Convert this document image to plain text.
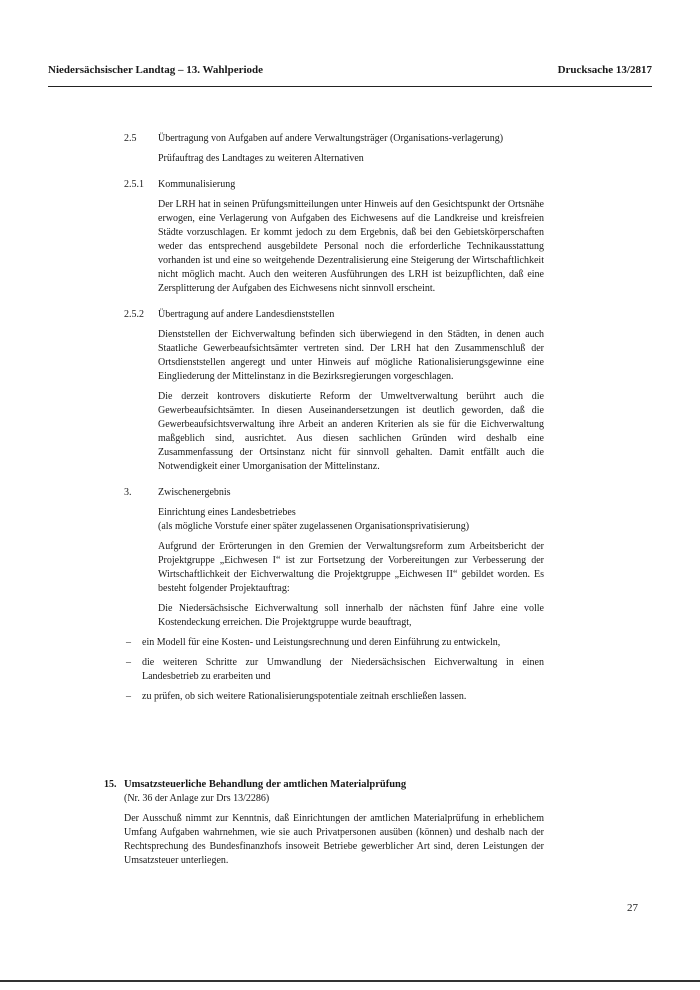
Niedersächsischer Landtag – 13. Wahlperiode	Drucksache 13/2817
2.5 Übertragung von Aufgaben auf andere Verwaltungsträger (Organisations-verlagerung)

Prüfauftrag des Landtages zu weiteren Alternativen

2.5.1 Kommunalisierung

Der LRH hat in seinen Prüfungsmitteilungen unter Hinweis auf den Gesichtspunkt der Ortsnähe erwogen, eine Verlagerung von Aufgaben des Eichwesens auf die Landkreise und kreisfreien Städte vorzuschlagen. Er kommt jedoch zu dem Ergebnis, daß bei den Gebietskörperschaften weder das entsprechend ausgebildete Personal noch die erforderliche Technikausstattung vorhanden ist und eine so weitgehende Dezentralisierung eine Steigerung der Wirtschaftlichkeit nicht möglich macht. Auch den weiteren Ausführungen des LRH ist beizupflichten, daß eine Zersplitterung der Aufgaben des Eichwesens nicht sinnvoll erscheint.

2.5.2 Übertragung auf andere Landesdienststellen

Dienststellen der Eichverwaltung befinden sich überwiegend in den Städten, in denen auch Staatliche Gewerbeaufsichtsämter vertreten sind. Der LRH hat den Zusammenschluß der Ortsdienststellen angeregt und unter Hinweis auf mögliche Rationalisierungsgewinne eine Eingliederung der Mittelinstanz in die Bezirksregierungen vorgeschlagen.

Die derzeit kontrovers diskutierte Reform der Umweltverwaltung berührt auch die Gewerbeaufsichtsämter. In diesen Auseinandersetzungen ist deutlich geworden, daß die Gewerbeaufsichtsverwaltung ihre Arbeit an anderen Kriterien als sie für die Eichverwaltung maßgeblich sind, ausrichtet. Aus diesen sachlichen Gründen wird deshalb eine Zusammenfassung der Ortsinstanz nicht für sinnvoll gehalten. Damit entfällt auch die Notwendigkeit einer Umorganisation der Mittelinstanz.

3.	Zwischenergebnis
Einrichtung eines Landesbetriebes
(als mögliche Vorstufe einer später zugelassenen Organisationsprivatisierung)

Aufgrund der Erörterungen in den Gremien der Verwaltungsreform zum Arbeitsbericht der Projektgruppe „Eichwesen I“ ist zur Fortsetzung der Vorbereitungen zur Verbesserung der Wirtschaftlichkeit der Eichverwaltung die Projektgruppe „Eichwesen II“ gebildet worden. Es besteht folgender Projektauftrag:

Die Niedersächsische Eichverwaltung soll innerhalb der nächsten fünf Jahre eine volle Kostendeckung erreichen. Die Projektgruppe wurde beauftragt,

– ein Modell für eine Kosten- und Leistungsrechnung und deren Einführung zu entwickeln,
– die weiteren Schritte zur Umwandlung der Niedersächsischen Eichverwaltung in einen Landesbetrieb zu erarbeiten und
– zu prüfen, ob sich weitere Rationalisierungspotentiale zeitnah erschließen lassen.
15. Umsatzsteuerliche Behandlung der amtlichen Materialprüfung
(Nr. 36 der Anlage zur Drs 13/2286)

Der Ausschuß nimmt zur Kenntnis, daß Einrichtungen der amtlichen Materialprüfung in erheblichem Umfang Aufgaben wahrnehmen, wie sie auch Privatpersonen ausüben (können) und deshalb nach der Rechtsprechung des Bundesfinanzhofs insoweit Betriebe gewerblicher Art sind, deren Leistungen der Umsatzsteuer unterliegen.

27
